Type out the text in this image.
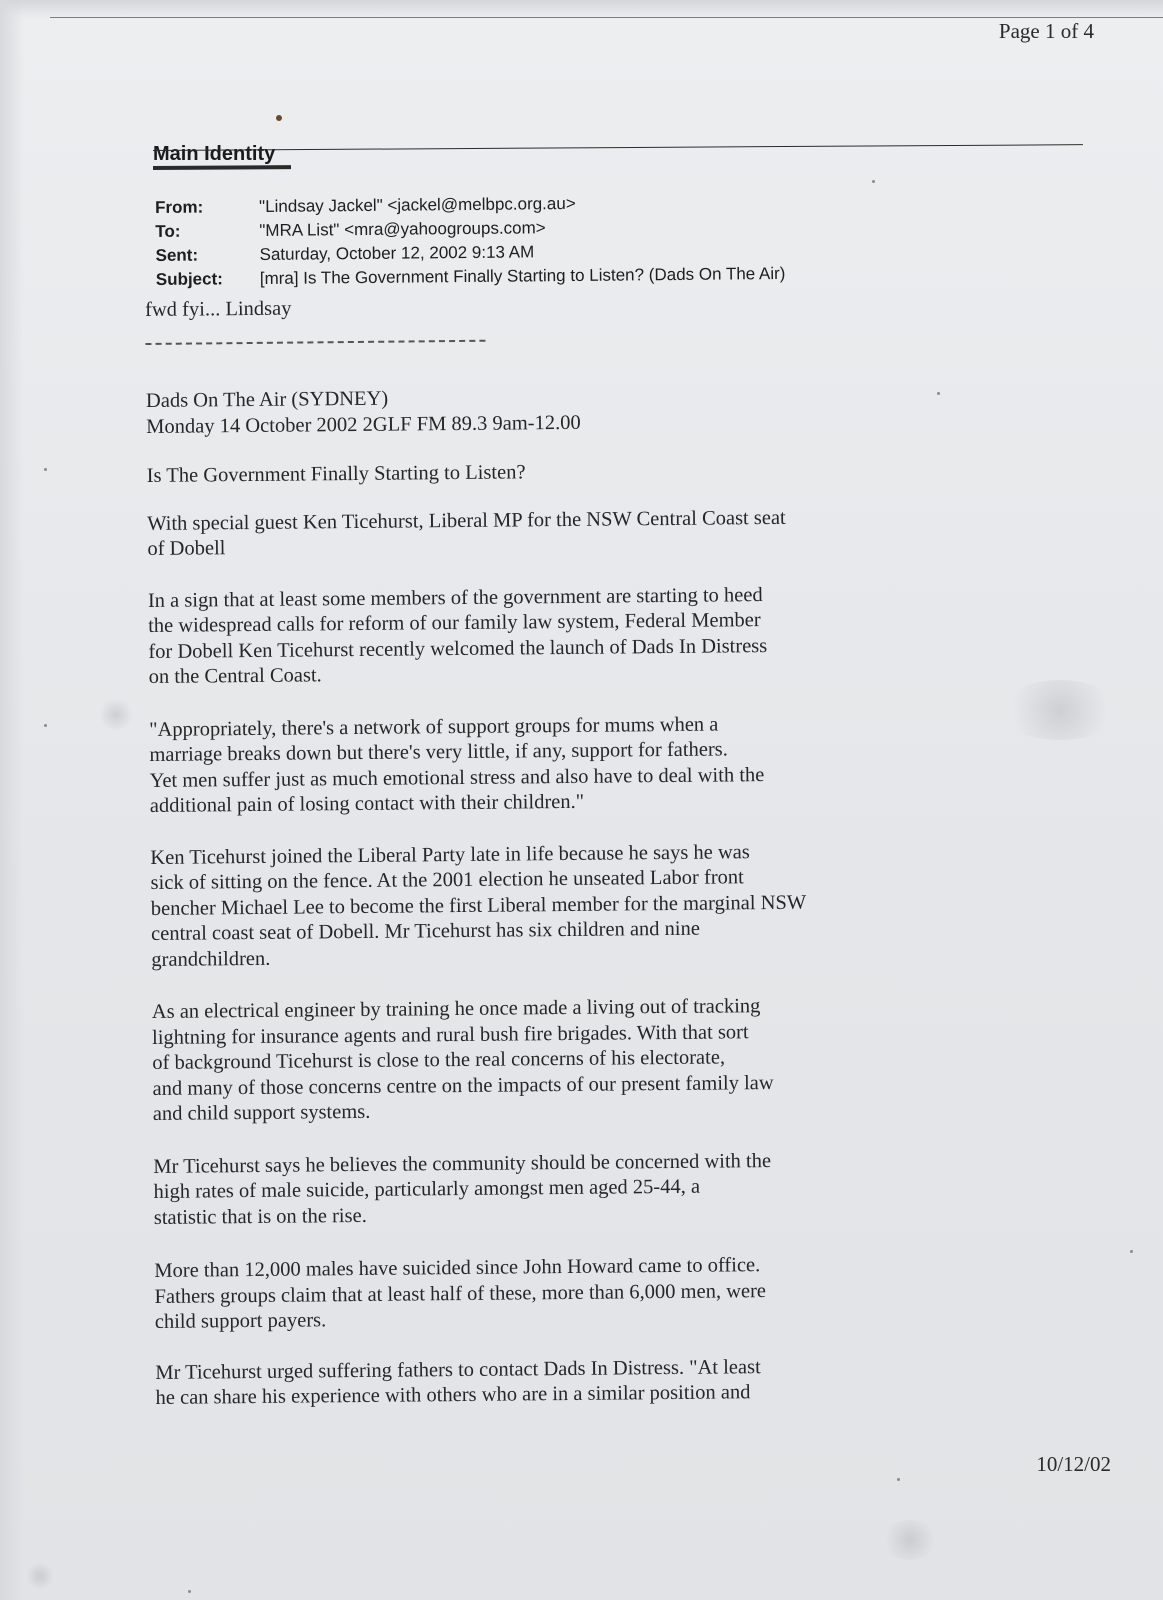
Page 1 of 4
Main Identity
From:	"Lindsay Jackel" <jackel@melbpc.org.au>
To:	"MRA List" <mra@yahoogroups.com>
Sent:	Saturday, October 12, 2002 9:13 AM
Subject:	[mra] Is The Government Finally Starting to Listen? (Dads On The Air)

fwd fyi... Lindsay

Dads On The Air (SYDNEY)
Monday 14 October 2002 2GLF FM 89.3 9am-12.00
Is The Government Finally Starting to Listen?
With special guest Ken Ticehurst, Liberal MP for the NSW Central Coast seat
of Dobell
In a sign that at least some members of the government are starting to heed
the widespread calls for reform of our family law system, Federal Member
for Dobell Ken Ticehurst recently welcomed the launch of Dads In Distress
on the Central Coast.
"Appropriately, there's a network of support groups for mums when a
marriage breaks down but there's very little, if any, support for fathers.
Yet men suffer just as much emotional stress and also have to deal with the
additional pain of losing contact with their children."
Ken Ticehurst joined the Liberal Party late in life because he says he was
sick of sitting on the fence. At the 2001 election he unseated Labor front
bencher Michael Lee to become the first Liberal member for the marginal NSW
central coast seat of Dobell. Mr Ticehurst has six children and nine
grandchildren.
As an electrical engineer by training he once made a living out of tracking
lightning for insurance agents and rural bush fire brigades. With that sort
of background Ticehurst is close to the real concerns of his electorate,
and many of those concerns centre on the impacts of our present family law
and child support systems.
Mr Ticehurst says he believes the community should be concerned with the
high rates of male suicide, particularly amongst men aged 25-44, a
statistic that is on the rise.
More than 12,000 males have suicided since John Howard came to office.
Fathers groups claim that at least half of these, more than 6,000 men, were
child support payers.
Mr Ticehurst urged suffering fathers to contact Dads In Distress. "At least
he can share his experience with others who are in a similar position and
10/12/02
